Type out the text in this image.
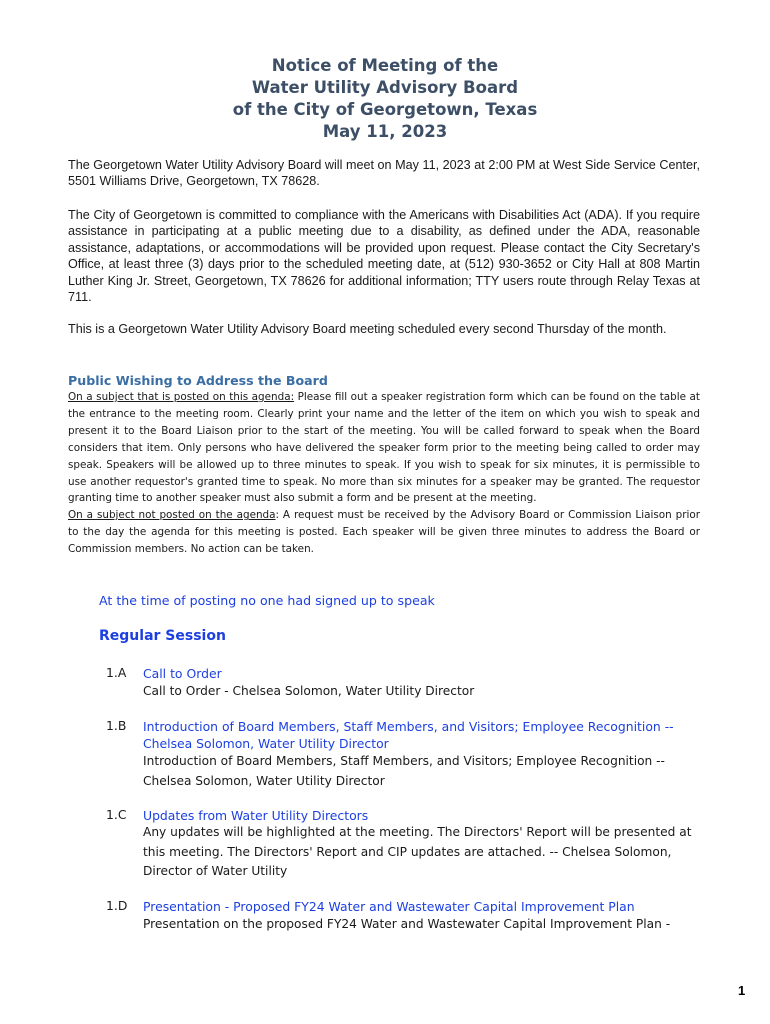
Notice of Meeting of the
Water Utility Advisory Board
of the City of Georgetown, Texas
May 11, 2023
The Georgetown Water Utility Advisory Board will meet on May 11, 2023 at 2:00 PM at West Side Service Center, 5501 Williams Drive, Georgetown, TX 78628.
The City of Georgetown is committed to compliance with the Americans with Disabilities Act (ADA). If you require assistance in participating at a public meeting due to a disability, as defined under the ADA, reasonable assistance, adaptations, or accommodations will be provided upon request. Please contact the City Secretary's Office, at least three (3) days prior to the scheduled meeting date, at (512) 930-3652 or City Hall at 808 Martin Luther King Jr. Street, Georgetown, TX 78626 for additional information; TTY users route through Relay Texas at 711.
This is a Georgetown Water Utility Advisory Board meeting scheduled every second Thursday of the month.
Public Wishing to Address the Board
On a subject that is posted on this agenda: Please fill out a speaker registration form which can be found on the table at the entrance to the meeting room. Clearly print your name and the letter of the item on which you wish to speak and present it to the Board Liaison prior to the start of the meeting. You will be called forward to speak when the Board considers that item. Only persons who have delivered the speaker form prior to the meeting being called to order may speak. Speakers will be allowed up to three minutes to speak. If you wish to speak for six minutes, it is permissible to use another requestor's granted time to speak. No more than six minutes for a speaker may be granted. The requestor granting time to another speaker must also submit a form and be present at the meeting.
On a subject not posted on the agenda: A request must be received by the Advisory Board or Commission Liaison prior to the day the agenda for this meeting is posted. Each speaker will be given three minutes to address the Board or Commission members. No action can be taken.
At the time of posting no one had signed up to speak
Regular Session
1.A Call to Order
Call to Order - Chelsea Solomon, Water Utility Director
1.B Introduction of Board Members, Staff Members, and Visitors; Employee Recognition -- Chelsea Solomon, Water Utility Director
Introduction of Board Members, Staff Members, and Visitors; Employee Recognition -- Chelsea Solomon, Water Utility Director
1.C Updates from Water Utility Directors
Any updates will be highlighted at the meeting. The Directors' Report will be presented at this meeting. The Directors' Report and CIP updates are attached. -- Chelsea Solomon, Director of Water Utility
1.D Presentation - Proposed FY24 Water and Wastewater Capital Improvement Plan
Presentation on the proposed FY24 Water and Wastewater Capital Improvement Plan -
1
